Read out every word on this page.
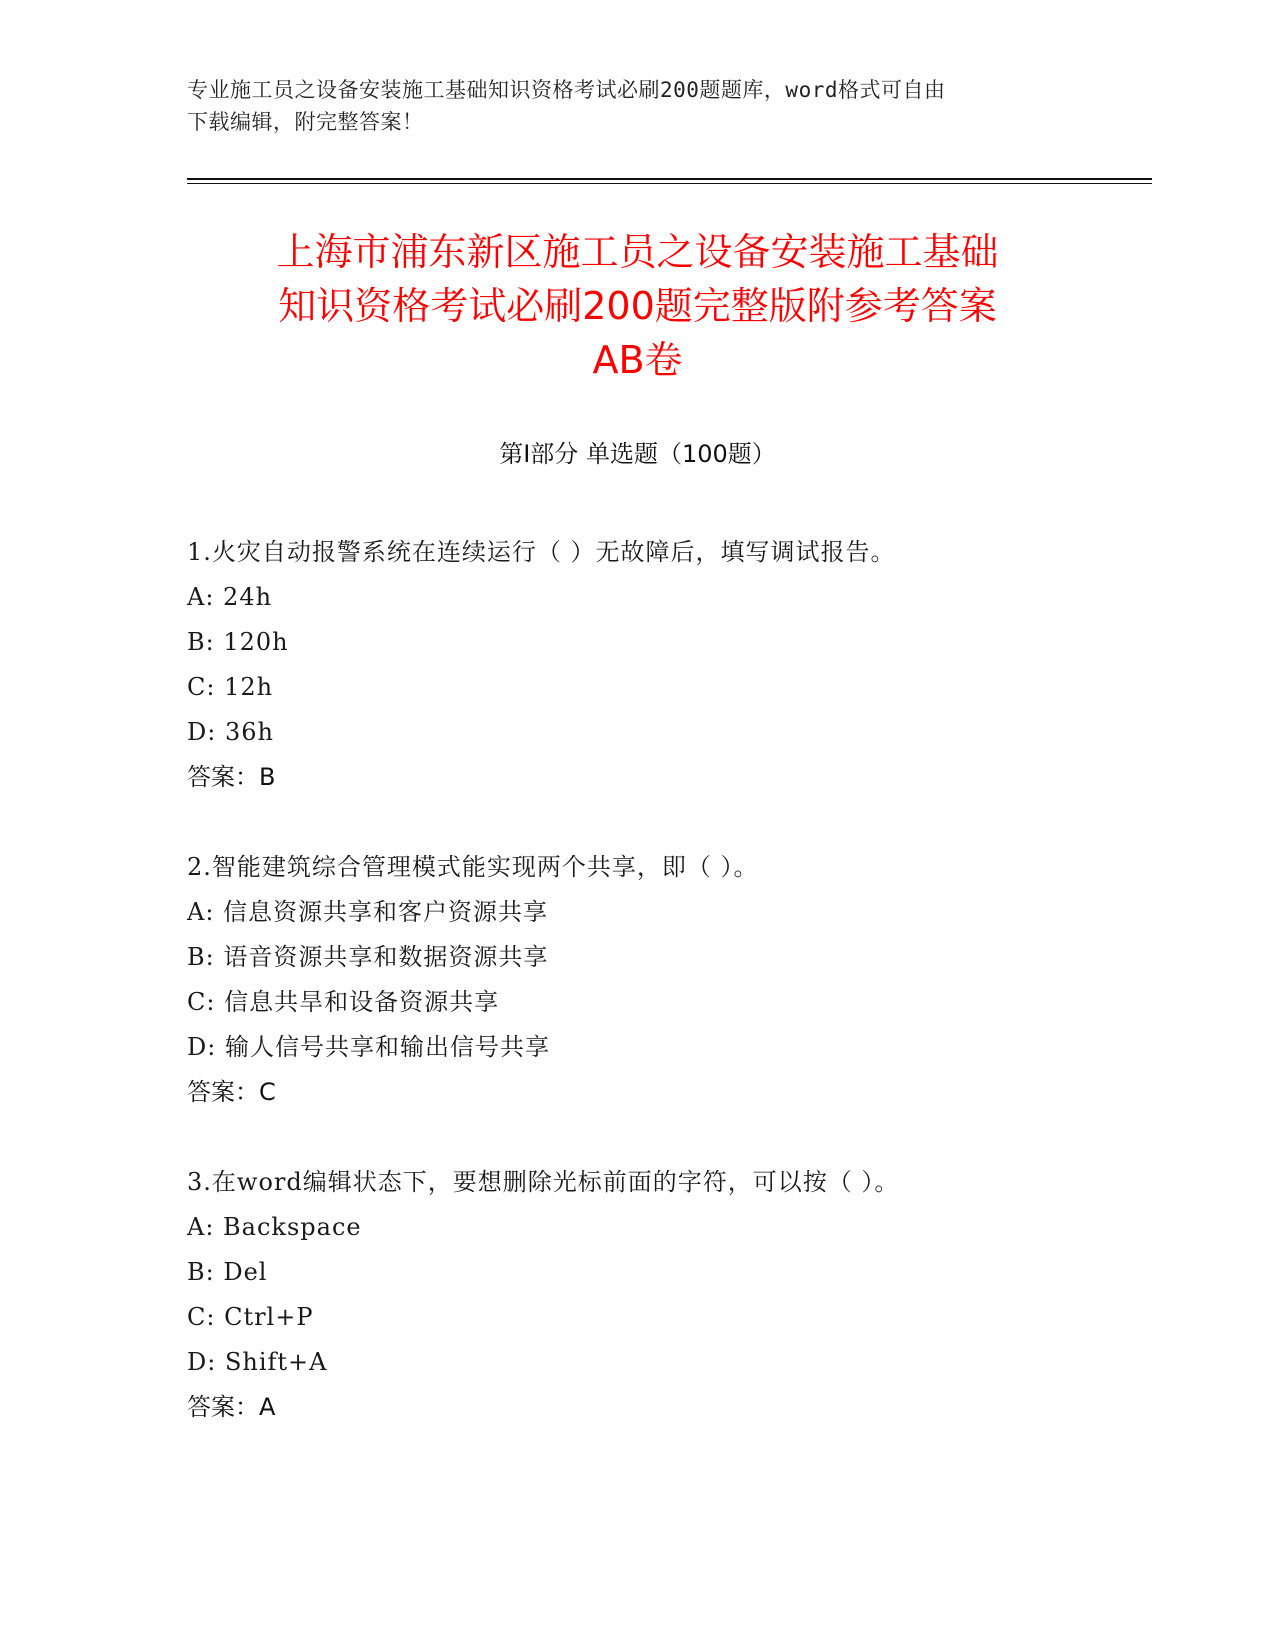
专业施工员之设备安装施工基础知识资格考试必刷200题题库，word格式可自由
下载编辑，附完整答案！
上海市浦东新区施工员之设备安装施工基础
知识资格考试必刷200题完整版附参考答案
AB卷
第Ⅰ部分 单选题（100题）
1.火灾自动报警系统在连续运行（ ）无故障后，填写调试报告。
A: 24h
B: 120h
C: 12h
D: 36h
答案：B
2.智能建筑综合管理模式能实现两个共享，即（ ）。
A: 信息资源共享和客户资源共享
B: 语音资源共享和数据资源共享
C: 信息共旱和设备资源共享
D: 输人信号共享和输出信号共享
答案：C
3.在word编辑状态下，要想删除光标前面的字符，可以按（ ）。
A: Backspace
B: Del
C: Ctrl+P
D: Shift+A
答案：A
